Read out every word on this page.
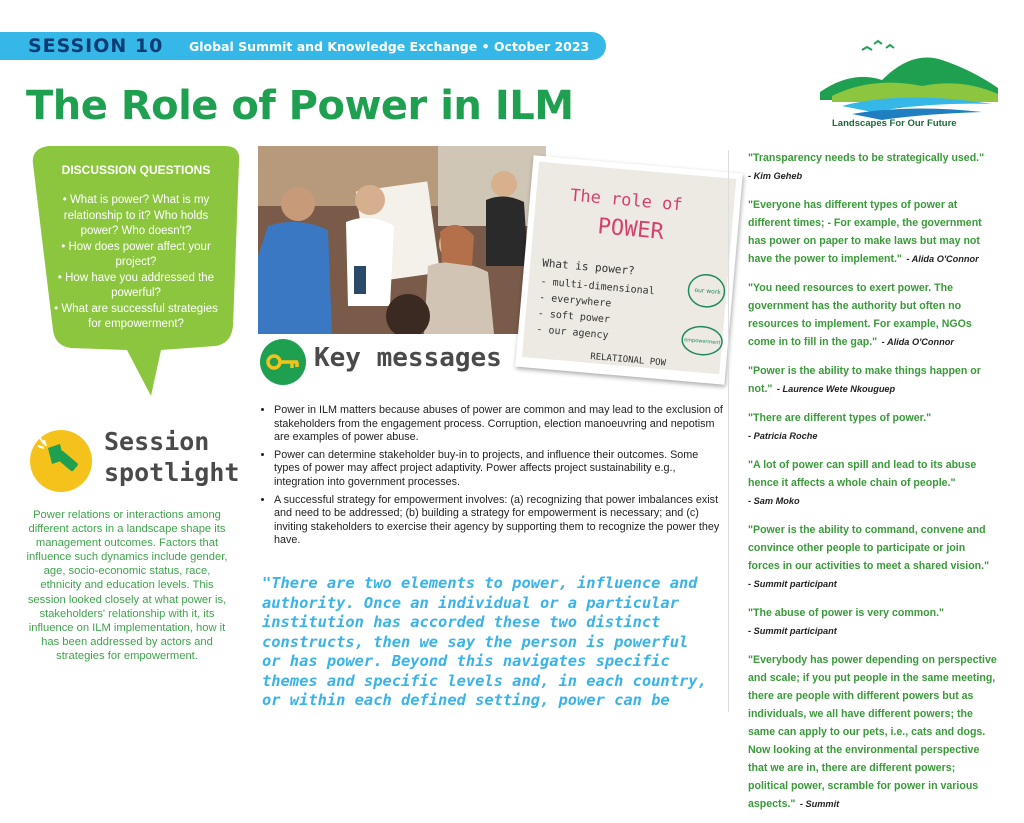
SESSION 10 Global Summit and Knowledge Exchange • October 2023
The Role of Power in ILM	Landscapes For Our Future
DISCUSSION QUESTIONS
• What is power? What is my relationship to it? Who holds power? Who doesn't?
• How does power affect your project?
• How have you addressed the powerful?
• What are successful strategies for empowerment?
Session
spotlight
Power relations or interactions among different actors in a landscape shape its management outcomes. Factors that influence such dynamics include gender, age, socio-economic status, race, ethnicity and education levels. This session looked closely at what power is, stakeholders' relationship with it, its influence on ILM implementation, how it has been addressed by actors and strategies for empowerment.
The role of
POWER
What is power?
- multi-dimensional
- everywhere
- soft power
- our agency
RELATIONAL POW
our work
empowerment
Key messages
• Power in ILM matters because abuses of power are common and may lead to the exclusion of stakeholders from the engagement process. Corruption, election manoeuvring and nepotism are examples of power abuse.
• Power can determine stakeholder buy-in to projects, and influence their outcomes. Some types of power may affect project adaptivity. Power affects project sustainability e.g., integration into government processes.
• A successful strategy for empowerment involves: (a) recognizing that power imbalances exist and need to be addressed; (b) building a strategy for empowerment is necessary; and (c) inviting stakeholders to exercise their agency by supporting them to recognize the power they have.
"There are two elements to power, influence and authority. Once an individual or a particular institution has accorded these two distinct constructs, then we say the person is powerful or has power. Beyond this navigates specific themes and specific levels and, in each country, or within each defined setting, power can be
"Transparency needs to be strategically used."
- Kim Geheb
"Everyone has different types of power at different times; - For example, the government has power on paper to make laws but may not have the power to implement." - Alida O'Connor
"You need resources to exert power. The government has the authority but often no resources to implement. For example, NGOs come in to fill in the gap." - Alida O'Connor
"Power is the ability to make things happen or not." - Laurence Wete Nkouguep
"There are different types of power."
- Patricia Roche
"A lot of power can spill and lead to its abuse hence it affects a whole chain of people."
- Sam Moko
"Power is the ability to command, convene and convince other people to participate or join forces in our activities to meet a shared vision."
- Summit participant
"The abuse of power is very common."
- Summit participant
"Everybody has power depending on perspective and scale; if you put people in the same meeting, there are people with different powers but as individuals, we all have different powers; the same can apply to our pets, i.e., cats and dogs. Now looking at the environmental perspective that we are in, there are different powers; political power, scramble for power in various aspects." - Summit
